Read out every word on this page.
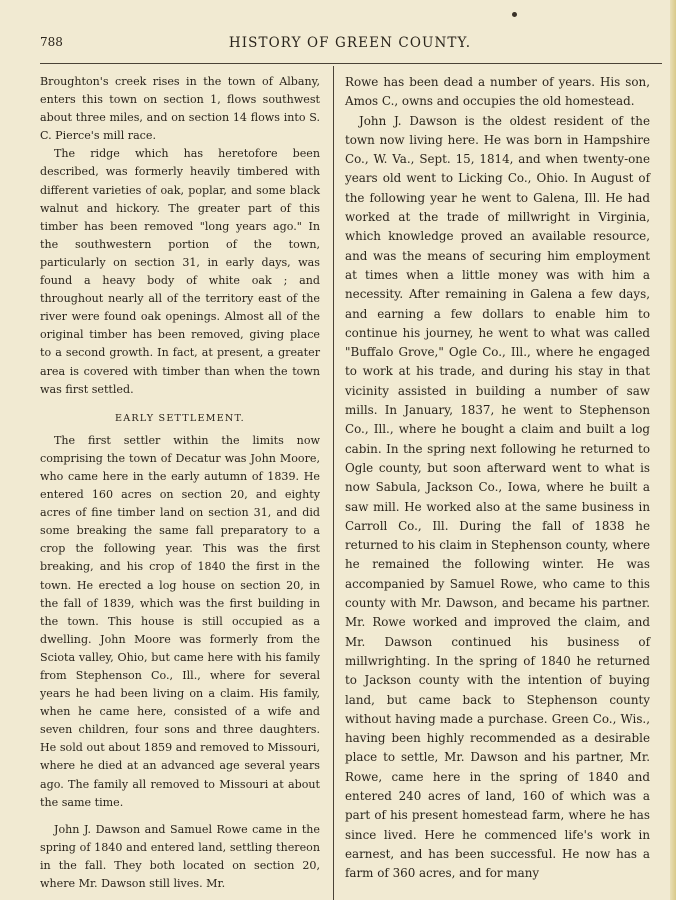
788	HISTORY OF GREEN COUNTY.

Broughton's creek rises in the town of Albany, enters this town on section 1, flows southwest about three miles, and on section 14 flows into S. C. Pierce's mill race.

The ridge which has heretofore been described, was formerly heavily timbered with different varieties of oak, poplar, and some black walnut and hickory. The greater part of this timber has been removed "long years ago." In the southwestern portion of the town, particularly on section 31, in early days, was found a heavy body of white oak ; and throughout nearly all of the territory east of the river were found oak openings. Almost all of the original timber has been removed, giving place to a second growth. In fact, at present, a greater area is covered with timber than when the town was first settled.

EARLY SETTLEMENT.

The first settler within the limits now comprising the town of Decatur was John Moore, who came here in the early autumn of 1839. He entered 160 acres on section 20, and eighty acres of fine timber land on section 31, and did some breaking the same fall preparatory to a crop the following year. This was the first breaking, and his crop of 1840 the first in the town. He erected a log house on section 20, in the fall of 1839, which was the first building in the town. This house is still occupied as a dwelling. John Moore was formerly from the Sciota valley, Ohio, but came here with his family from Stephenson Co., Ill., where for several years he had been living on a claim. His family, when he came here, consisted of a wife and seven children, four sons and three daughters. He sold out about 1859 and removed to Missouri, where he died at an advanced age several years ago. The family all removed to Missouri at about the same time.

John J. Dawson and Samuel Rowe came in the spring of 1840 and entered land, settling thereon in the fall. They both located on section 20, where Mr. Dawson still lives. Mr.

Rowe has been dead a number of years. His son, Amos C., owns and occupies the old homestead.

John J. Dawson is the oldest resident of the town now living here. He was born in Hampshire Co., W. Va., Sept. 15, 1814, and when twenty-one years old went to Licking Co., Ohio. In August of the following year he went to Galena, Ill. He had worked at the trade of millwright in Virginia, which knowledge proved an available resource, and was the means of securing him employment at times when a little money was with him a necessity. After remaining in Galena a few days, and earning a few dollars to enable him to continue his journey, he went to what was called "Buffalo Grove," Ogle Co., Ill., where he engaged to work at his trade, and during his stay in that vicinity assisted in building a number of saw mills. In January, 1837, he went to Stephenson Co., Ill., where he bought a claim and built a log cabin. In the spring next following he returned to Ogle county, but soon afterward went to what is now Sabula, Jackson Co., Iowa, where he built a saw mill. He worked also at the same business in Carroll Co., Ill. During the fall of 1838 he returned to his claim in Stephenson county, where he remained the following winter. He was accompanied by Samuel Rowe, who came to this county with Mr. Dawson, and became his partner. Mr. Rowe worked and improved the claim, and Mr. Dawson continued his business of millwrighting. In the spring of 1840 he returned to Jackson county with the intention of buying land, but came back to Stephenson county without having made a purchase. Green Co., Wis., having been highly recommended as a desirable place to settle, Mr. Dawson and his partner, Mr. Rowe, came here in the spring of 1840 and entered 240 acres of land, 160 of which was a part of his present homestead farm, where he has since lived. Here he commenced life's work in earnest, and has been successful. He now has a farm of 360 acres, and for many
